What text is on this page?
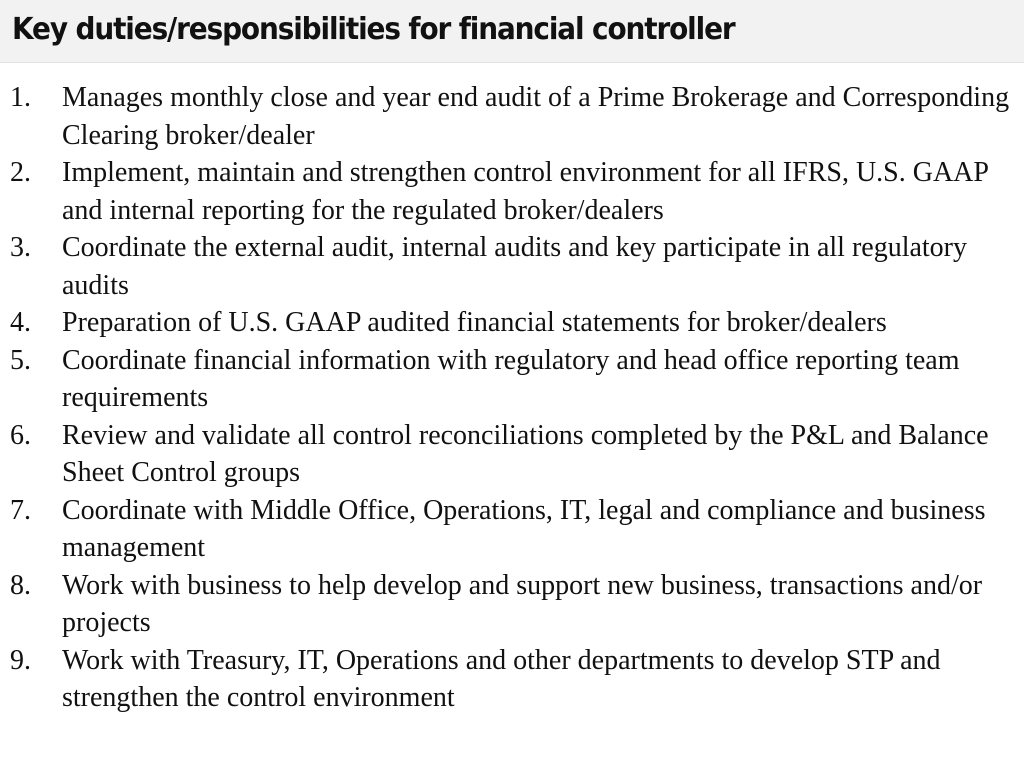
Key duties/responsibilities for financial controller
1.	Manages monthly close and year end audit of a Prime Brokerage and Corresponding Clearing broker/dealer
2.	Implement, maintain and strengthen control environment for all IFRS, U.S. GAAP and internal reporting for the regulated broker/dealers
3.	Coordinate the external audit, internal audits and key participate in all regulatory audits
4.	Preparation of U.S. GAAP audited financial statements for broker/dealers
5.	Coordinate financial information with regulatory and head office reporting team requirements
6.	Review and validate all control reconciliations completed by the P&L and Balance Sheet Control groups
7.	Coordinate with Middle Office, Operations, IT, legal and compliance and business management
8.	Work with business to help develop and support new business, transactions and/or projects
9.	Work with Treasury, IT, Operations and other departments to develop STP and strengthen the control environment
